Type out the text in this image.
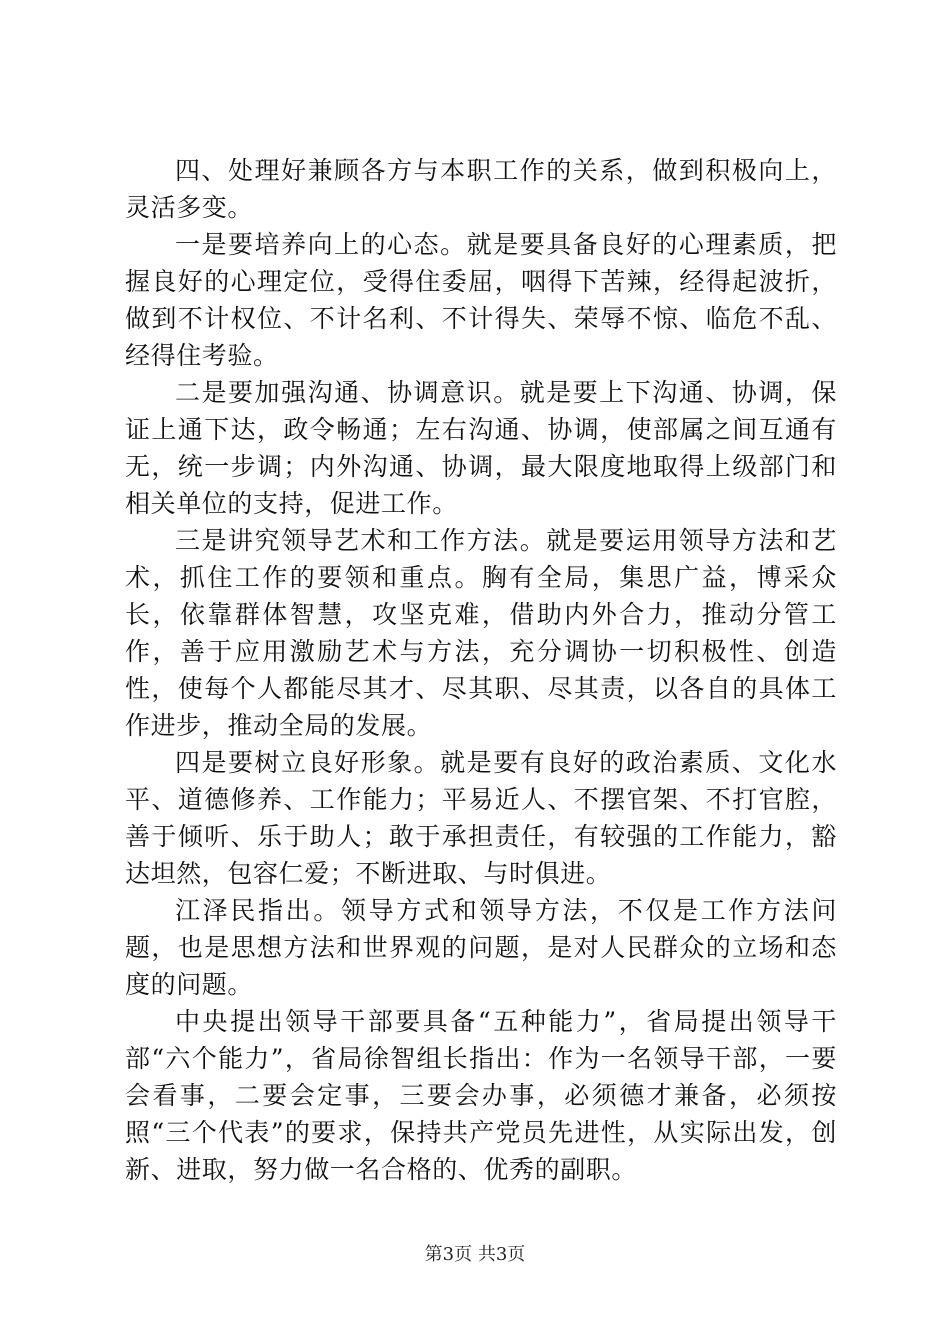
四、处理好兼顾各方与本职工作的关系，做到积极向上，灵活多变。

一是要培养向上的心态。就是要具备良好的心理素质，把握良好的心理定位，受得住委屈，咽得下苦辣，经得起波折，做到不计权位、不计名利、不计得失、荣辱不惊、临危不乱、经得住考验。

二是要加强沟通、协调意识。就是要上下沟通、协调，保证上通下达，政令畅通；左右沟通、协调，使部属之间互通有无，统一步调；内外沟通、协调，最大限度地取得上级部门和相关单位的支持，促进工作。

三是讲究领导艺术和工作方法。就是要运用领导方法和艺术，抓住工作的要领和重点。胸有全局，集思广益，博采众长，依靠群体智慧，攻坚克难，借助内外合力，推动分管工作，善于应用激励艺术与方法，充分调协一切积极性、创造性，使每个人都能尽其才、尽其职、尽其责，以各自的具体工作进步，推动全局的发展。

四是要树立良好形象。就是要有良好的政治素质、文化水平、道德修养、工作能力；平易近人、不摆官架、不打官腔，善于倾听、乐于助人；敢于承担责任，有较强的工作能力，豁达坦然，包容仁爱；不断进取、与时俱进。

江泽民指出。领导方式和领导方法，不仅是工作方法问题，也是思想方法和世界观的问题，是对人民群众的立场和态度的问题。

中央提出领导干部要具备“五种能力”，省局提出领导干部“六个能力”，省局徐智组长指出：作为一名领导干部，一要会看事，二要会定事，三要会办事，必须德才兼备，必须按照“三个代表”的要求，保持共产党员先进性，从实际出发，创新、进取，努力做一名合格的、优秀的副职。

第3页 共3页
